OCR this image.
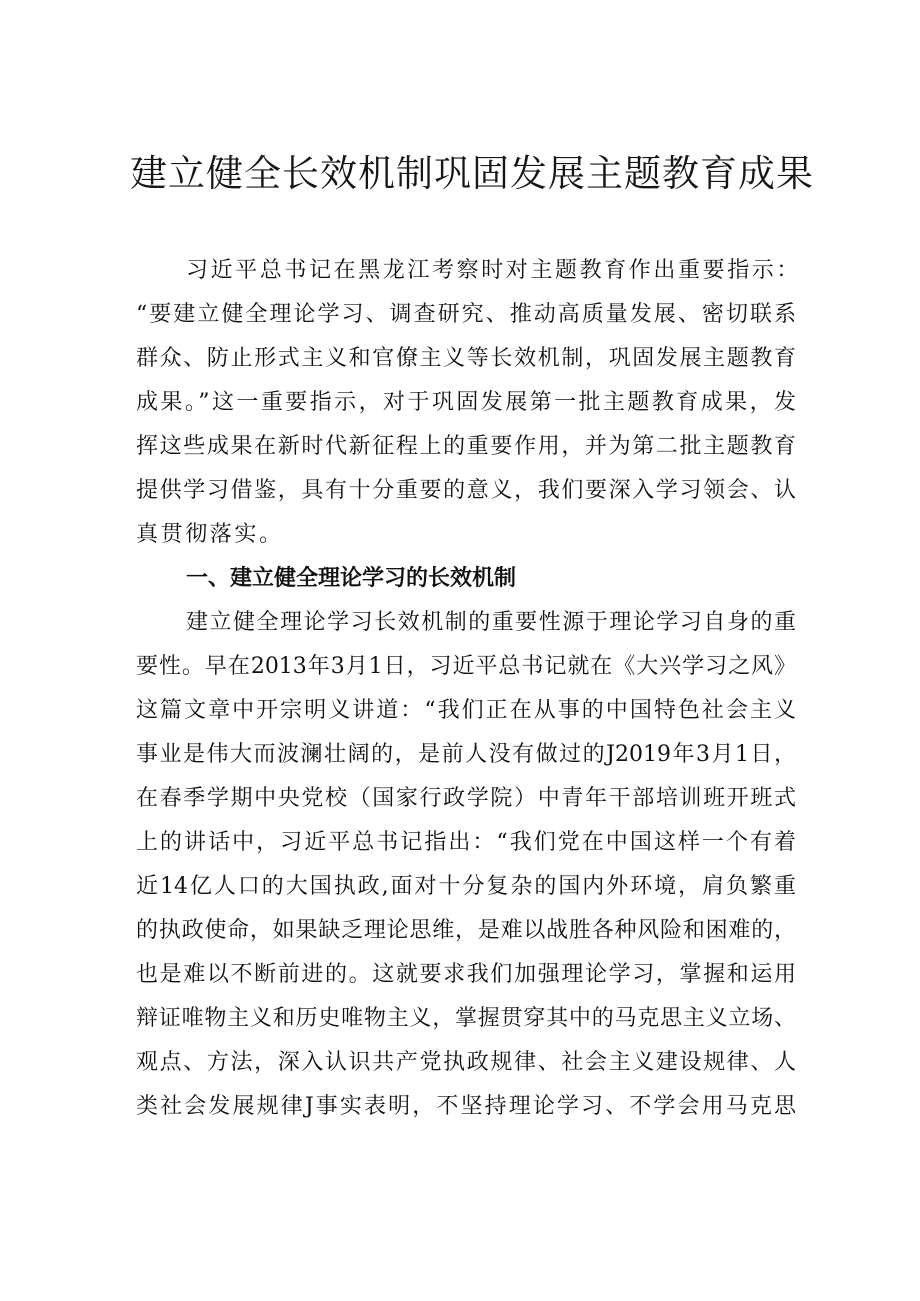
建立健全长效机制巩固发展主题教育成果
习近平总书记在黑龙江考察时对主题教育作出重要指示：
“要建立健全理论学习、调查研究、推动高质量发展、密切联系
群众、防止形式主义和官僚主义等长效机制，巩固发展主题教育
成果。”这一重要指示，对于巩固发展第一批主题教育成果，发
挥这些成果在新时代新征程上的重要作用，并为第二批主题教育
提供学习借鉴，具有十分重要的意义，我们要深入学习领会、认
真贯彻落实。
一、建立健全理论学习的长效机制
建立健全理论学习长效机制的重要性源于理论学习自身的重
要性。早在2013年3月1日，习近平总书记就在《大兴学习之风》
这篇文章中开宗明义讲道：“我们正在从事的中国特色社会主义
事业是伟大而波澜壮阔的，是前人没有做过的J2019年3月1日，
在春季学期中央党校（国家行政学院）中青年干部培训班开班式
上的讲话中，习近平总书记指出：“我们党在中国这样一个有着
近14亿人口的大国执政,面对十分复杂的国内外环境，肩负繁重
的执政使命，如果缺乏理论思维，是难以战胜各种风险和困难的，
也是难以不断前进的。这就要求我们加强理论学习，掌握和运用
辩证唯物主义和历史唯物主义，掌握贯穿其中的马克思主义立场、
观点、方法，深入认识共产党执政规律、社会主义建设规律、人
类社会发展规律J事实表明，不坚持理论学习、不学会用马克思
